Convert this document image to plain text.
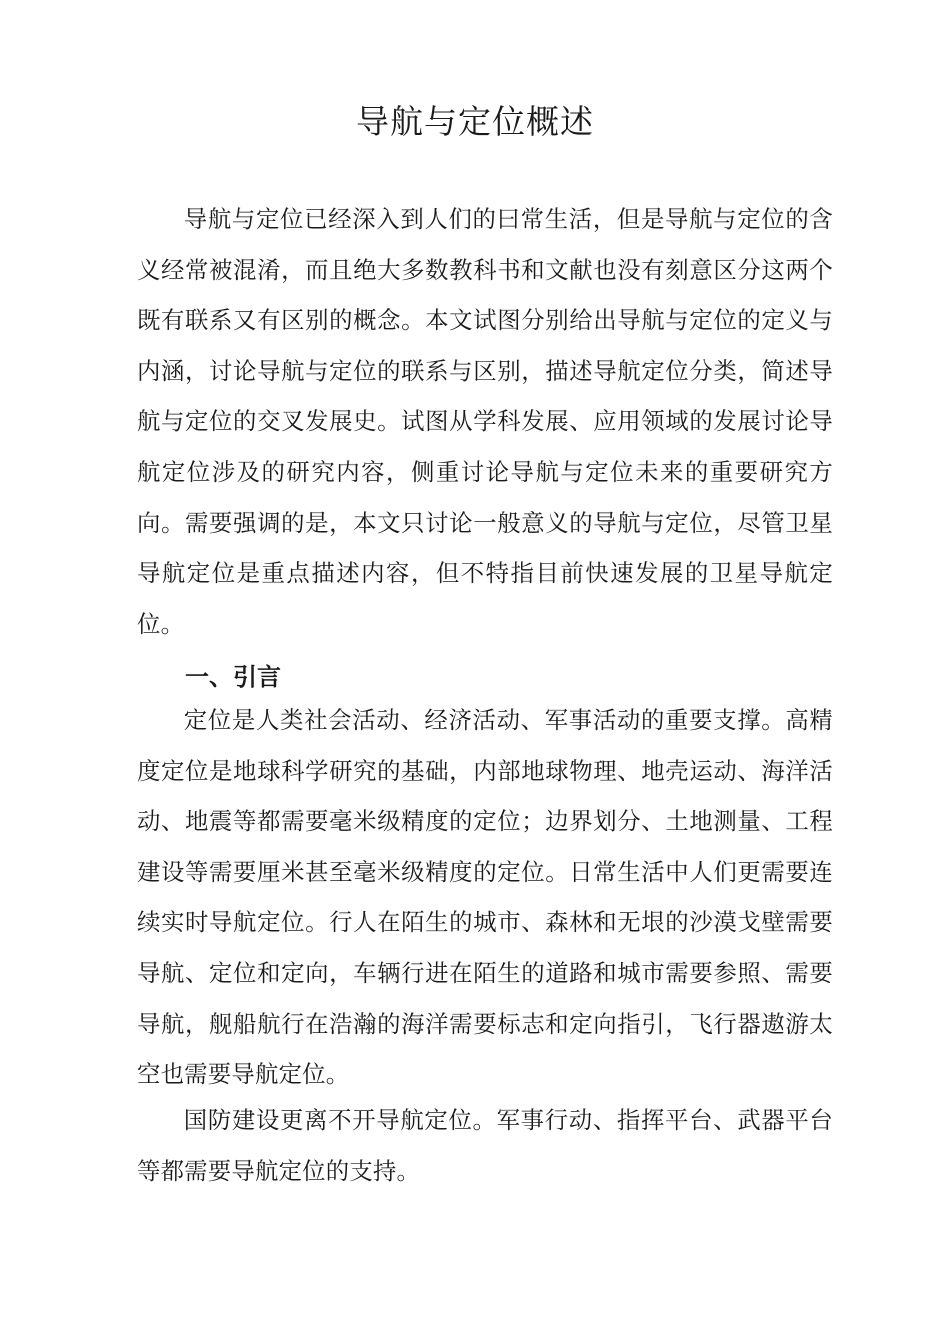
导航与定位概述

导航与定位已经深入到人们的曰常生活，但是导航与定位的含义经常被混淆，而且绝大多数教科书和文献也没有刻意区分这两个既有联系又有区别的概念。本文试图分别给出导航与定位的定义与内涵，讨论导航与定位的联系与区别，描述导航定位分类，简述导航与定位的交叉发展史。试图从学科发展、应用领域的发展讨论导航定位涉及的研究内容，侧重讨论导航与定位未来的重要研究方向。需要强调的是，本文只讨论一般意义的导航与定位，尽管卫星导航定位是重点描述内容，但不特指目前快速发展的卫星导航定位。

一、引言

定位是人类社会活动、经济活动、军事活动的重要支撑。高精度定位是地球科学研究的基础，内部地球物理、地壳运动、海洋活动、地震等都需要毫米级精度的定位；边界划分、土地测量、工程建设等需要厘米甚至毫米级精度的定位。日常生活中人们更需要连续实时导航定位。行人在陌生的城市、森林和无垠的沙漠戈壁需要导航、定位和定向，车辆行进在陌生的道路和城市需要参照、需要导航，舰船航行在浩瀚的海洋需要标志和定向指引，飞行器遨游太空也需要导航定位。

国防建设更离不开导航定位。军事行动、指挥平台、武器平台等都需要导航定位的支持。
